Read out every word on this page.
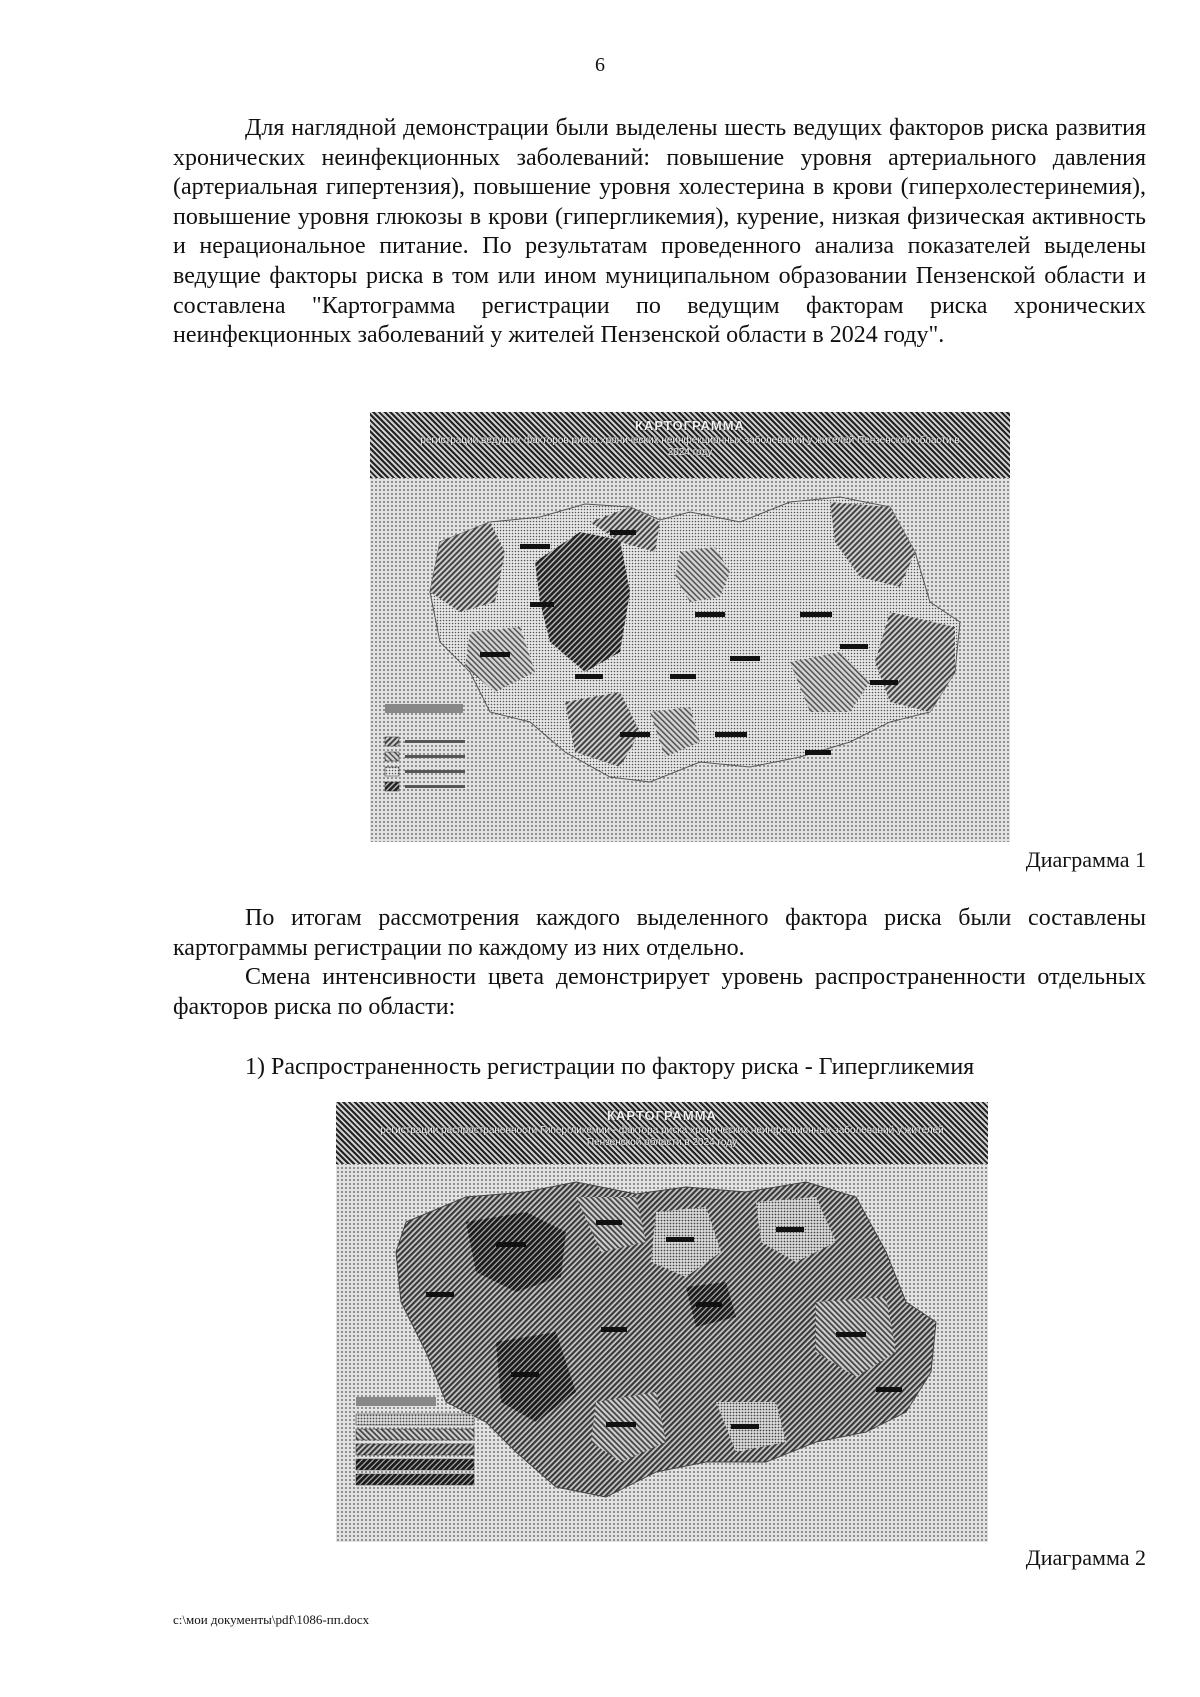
6

Для наглядной демонстрации были выделены шесть ведущих факторов риска развития хронических неинфекционных заболеваний: повышение уровня артериального давления (артериальная гипертензия), повышение уровня холестерина в крови (гиперхолестеринемия), повышение уровня глюкозы в крови (гипергликемия), курение, низкая физическая активность и нерациональное питание. По результатам проведенного анализа показателей выделены ведущие факторы риска в том или ином муниципальном образовании Пензенской области и составлена "Картограмма регистрации по ведущим факторам риска хронических неинфекционных заболеваний у жителей Пензенской области в 2024 году".

КАРТОГРАММА
регистрации ведущих факторов риска хронических неинфекционных заболеваний у жителей Пензенской области в 2024 году
Диаграмма 1

По итогам рассмотрения каждого выделенного фактора риска были составлены картограммы регистрации по каждому из них отдельно.

Смена интенсивности цвета демонстрирует уровень распространенности отдельных факторов риска по области:

1) Распространенность регистрации по фактору риска - Гипергликемия
КАРТОГРАММА
регистрации распространенности Гипергликемии - фактора риска хронических неинфекционных заболеваний у жителей Пензенской области в 2024 году
Диаграмма 2
c:\мои документы\pdf\1086-пп.docx
